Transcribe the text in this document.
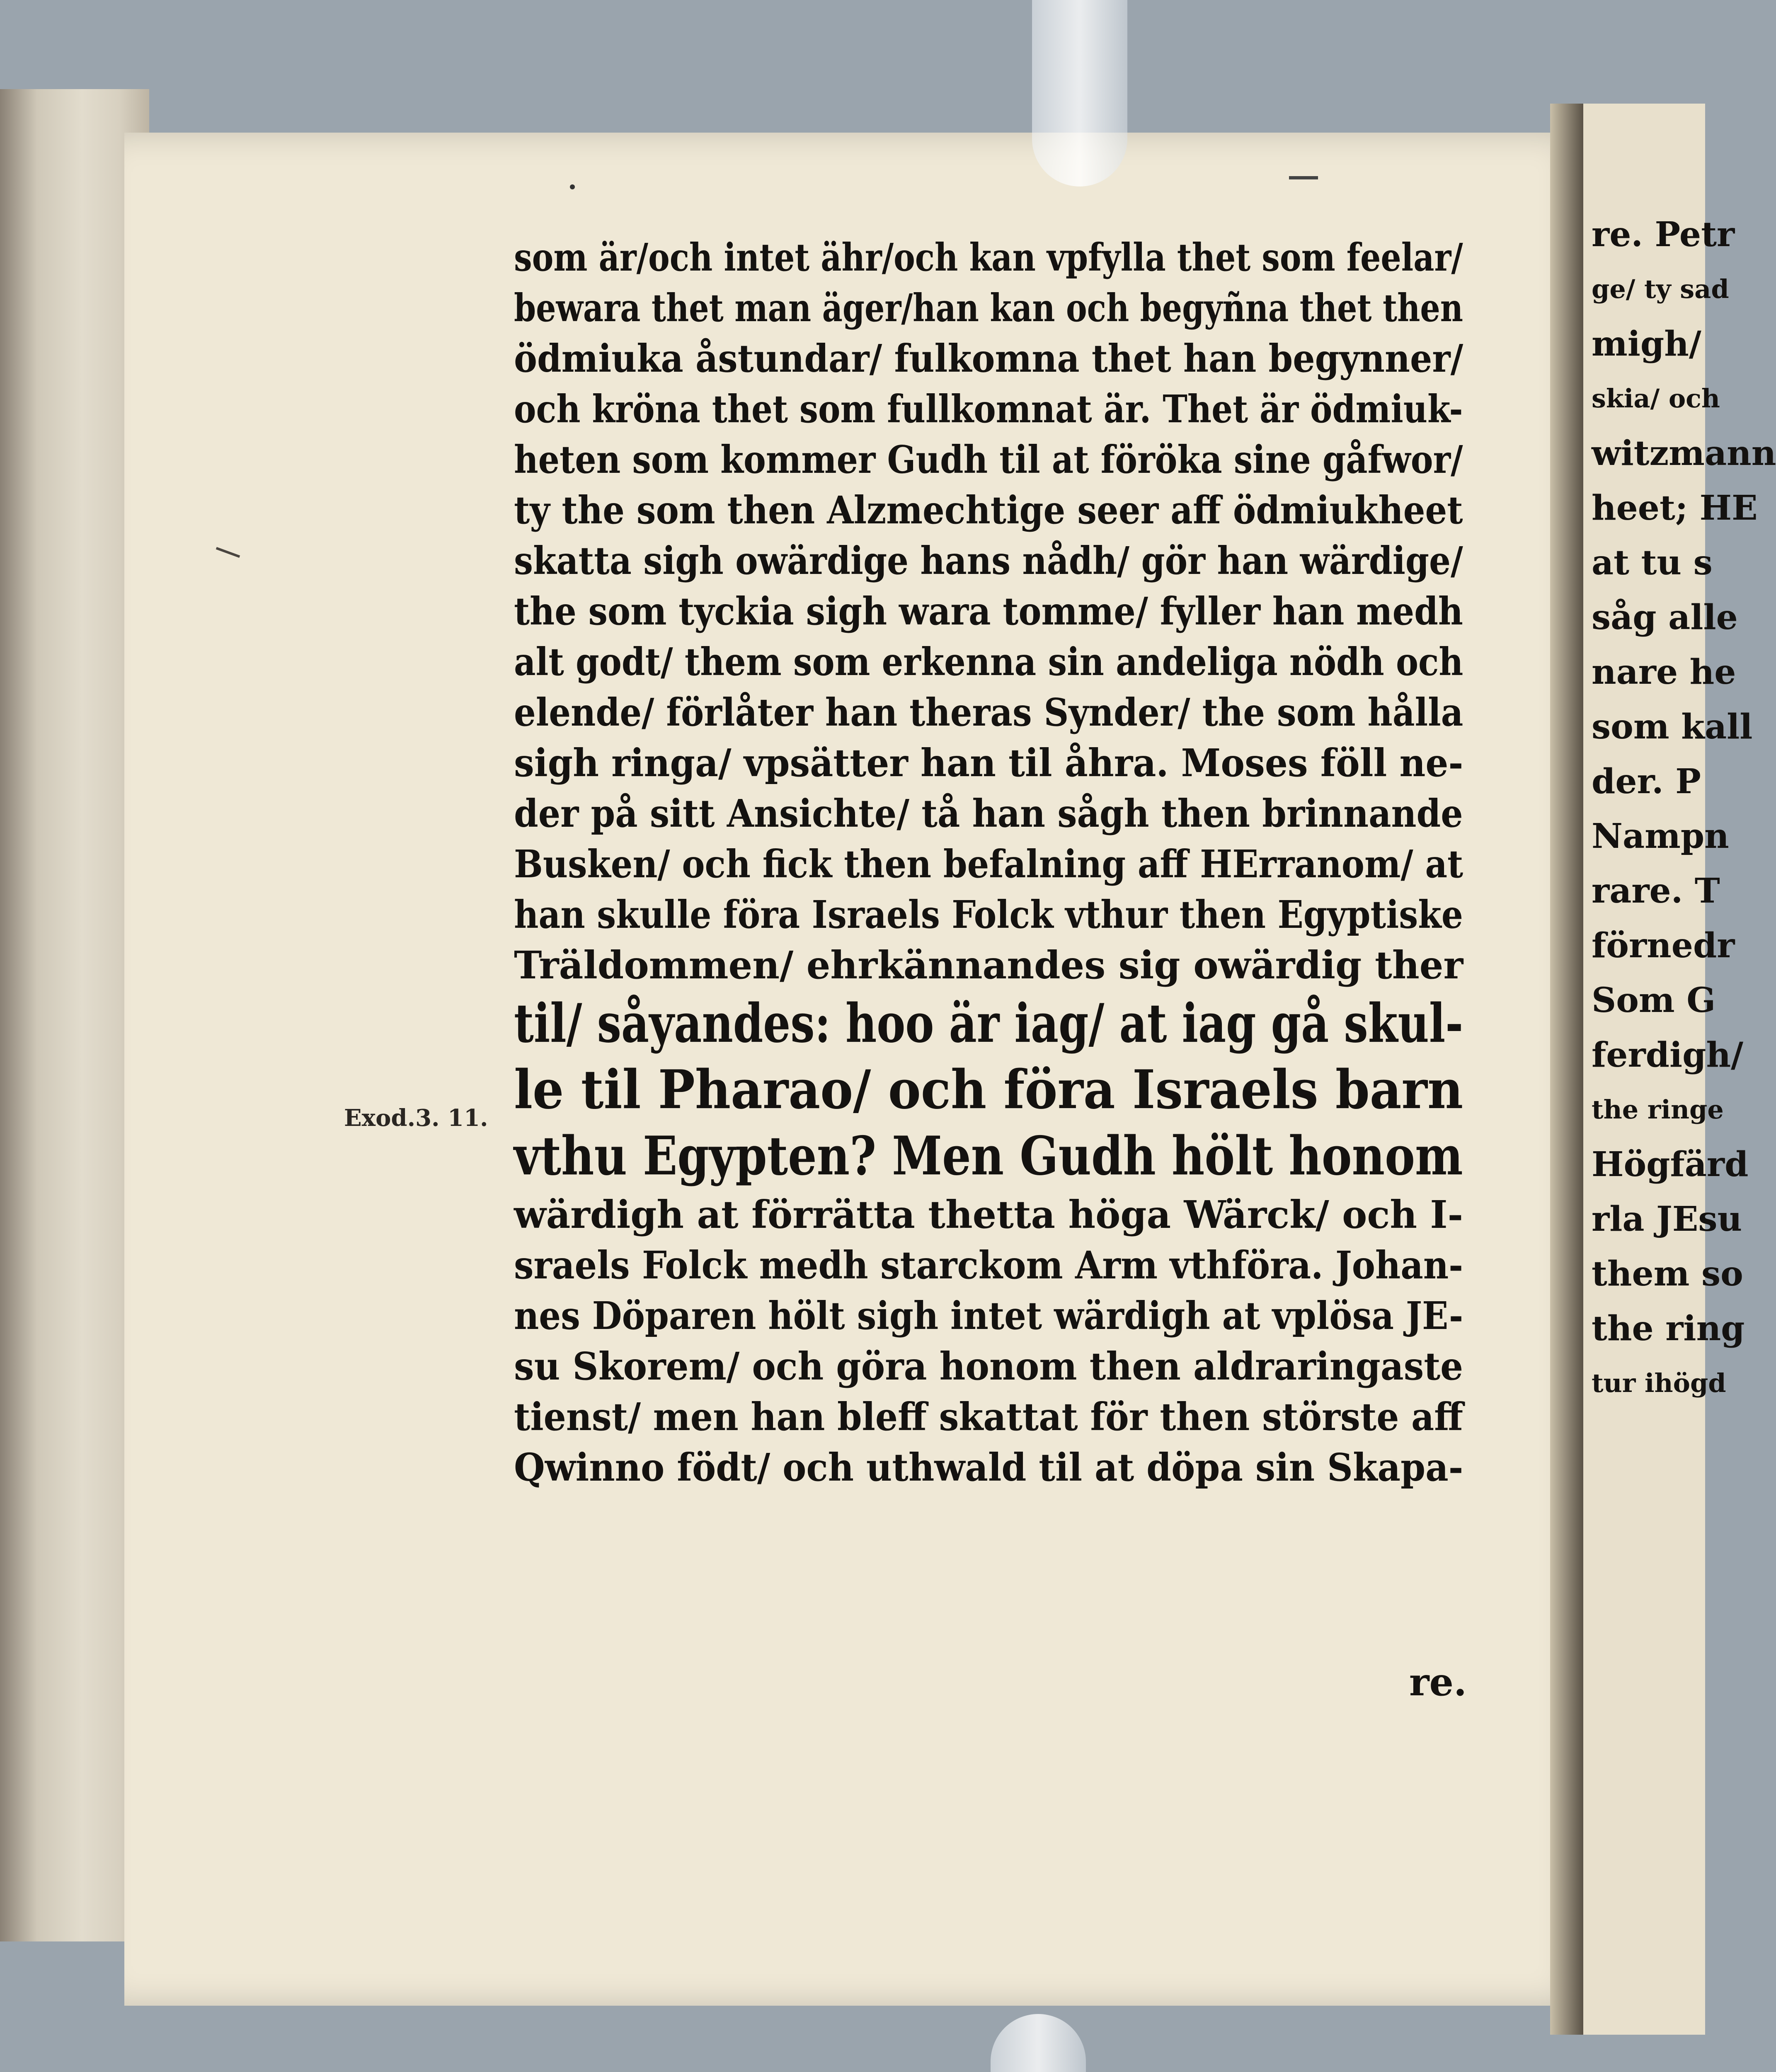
som är/och intet ähr/och kan vpfylla thet som feelar/
bewara thet man äger/han kan och begyñna thet then
ödmiuka åstundar/ fulkomna thet han begynner/
och kröna thet som fullkomnat är. Thet är ödmiuk-
heten som kommer Gudh til at föröka sine gåfwor/
ty the som then Alzmechtige seer aff ödmiukheet
skatta sigh owärdige hans nådh/ gör han wärdige/
the som tyckia sigh wara tomme/ fyller han medh
alt godt/ them som erkenna sin andeliga nödh och
elende/ förlåter han theras Synder/ the som hålla
sigh ringa/ vpsätter han til åhra. Moses föll ne-
der på sitt Ansichte/ tå han sågh then brinnande
Busken/ och fick then befalning aff HErranom/ at
han skulle föra Israels Folck vthur then Egyptiske
Träldommen/ ehrkännandes sig owärdig ther
til/ såyandes: hoo är iag/ at iag gå skul-
le til Pharao/ och föra Israels barn
vthu Egypten? Men Gudh hölt honom
wärdigh at förrätta thetta höga Wärck/ och I-
sraels Folck medh starckom Arm vthföra. Johan-
nes Döparen hölt sigh intet wärdigh at vplösa JE-
su Skorem/ och göra honom then aldraringaste
tienst/ men han bleff skattat för then störste aff
Qwinno födt/ och uthwald til at döpa sin Skapa-
Exod.3. 11.
re.
re. Petr
ge/ ty sad
migh/
skia/ och
witzmann
heet; HE
at tu s
såg alle
nare he
som kall
der. P
Nampn
rare. T
förnedr
Som G
ferdigh/
the ringe
Högfärd
rla JEsu
them so
the ring
tur ihögd
